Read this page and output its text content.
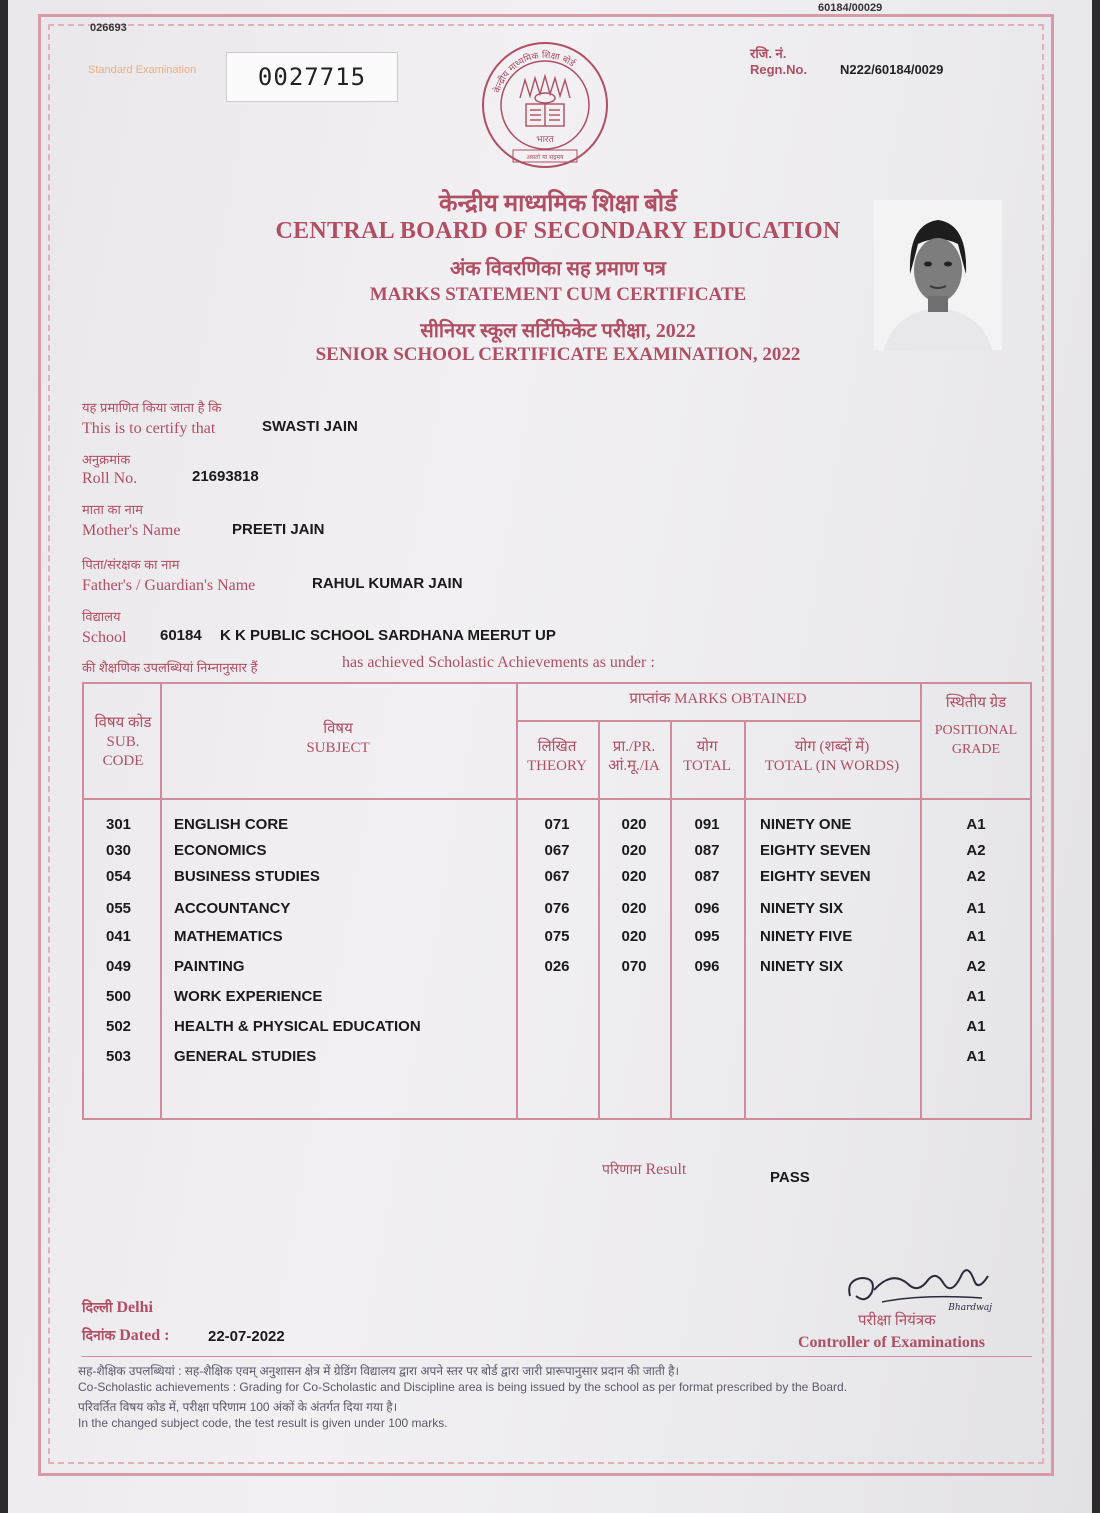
026693
60184/00029
Standard Examination	0027715	केन्द्रीय माध्यमिक शिक्षा बोर्ड
भारत
असतो मा सद्गमय
रजि. नं.
Regn.No.	N222/60184/0029
केन्द्रीय माध्यमिक शिक्षा बोर्ड
CENTRAL BOARD OF SECONDARY EDUCATION
अंक विवरणिका सह प्रमाण पत्र
MARKS STATEMENT CUM CERTIFICATE
सीनियर स्कूल सर्टिफिकेट परीक्षा, 2022
SENIOR SCHOOL CERTIFICATE EXAMINATION, 2022
यह प्रमाणित किया जाता है कि
This is to certify that	SWASTI JAIN
अनुक्रमांक
Roll No.	21693818
माता का नाम
Mother's Name	PREETI JAIN
पिता/संरक्षक का नाम
Father's / Guardian's Name	RAHUL KUMAR JAIN
विद्यालय
School 60184 K K PUBLIC SCHOOL SARDHANA MEERUT UP
की शैक्षणिक उपलब्धियां निम्नानुसार हैं	has achieved Scholastic Achievements as under :
विषय कोड
SUB. CODE
विषय
SUBJECT
प्राप्तांक MARKS OBTAINED
लिखित
THEORY
प्रा./PR.
आं.मू./IA
योग
TOTAL
योग (शब्दों में)
TOTAL (IN WORDS)
स्थितीय ग्रेड
POSITIONAL GRADE
301	ENGLISH CORE	071	020	091	NINETY ONE	A1
030	ECONOMICS	067	020	087	EIGHTY SEVEN	A2
054	BUSINESS STUDIES	067	020	087	EIGHTY SEVEN	A2
055	ACCOUNTANCY	076	020	096	NINETY SIX	A1
041	MATHEMATICS	075	020	095	NINETY FIVE	A1
049	PAINTING	026	070	096	NINETY SIX	A2
500	WORK EXPERIENCE	A1
502	HEALTH & PHYSICAL EDUCATION	A1
503	GENERAL STUDIES	A1
परिणाम Result	PASS
दिल्ली Delhi
दिनांक Dated :	22-07-2022
Bhardwaj
परीक्षा नियंत्रक
Controller of Examinations
सह-शैक्षिक उपलब्धियां : सह-शैक्षिक एवम् अनुशासन क्षेत्र में ग्रेडिंग विद्यालय द्वारा अपने स्तर पर बोर्ड द्वारा जारी प्रारूपानुसार प्रदान की जाती है।
Co-Scholastic achievements : Grading for Co-Scholastic and Discipline area is being issued by the school as per format prescribed by the Board.
परिवर्तित विषय कोड में, परीक्षा परिणाम 100 अंकों के अंतर्गत दिया गया है।
In the changed subject code, the test result is given under 100 marks.
